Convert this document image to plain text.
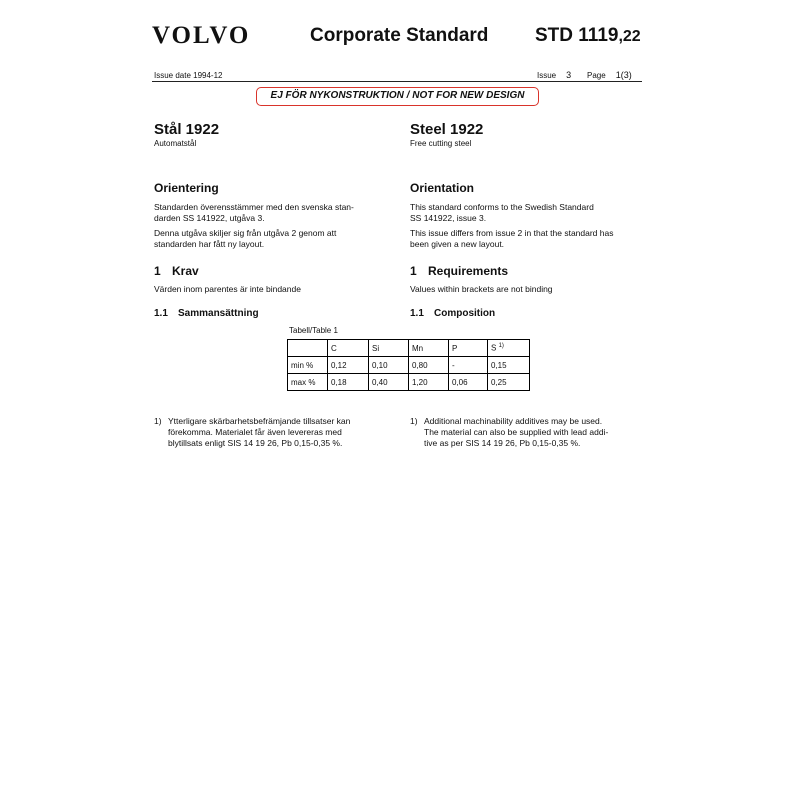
VOLVO	Corporate Standard STD 1119,22
Issue date 1994-12	Issue 3 Page 1(3)
EJ FÖR NYKONSTRUKTION / NOT FOR NEW DESIGN
Stål 1922
Automatstål
Steel 1922
Free cutting steel
Orientering	Orientation
Standarden överensstämmer med den svenska stan-
darden SS 141922, utgåva 3.
Denna utgåva skiljer sig från utgåva 2 genom att
standarden har fått ny layout.
This standard conforms to the Swedish Standard
SS 141922, issue 3.
This issue differs from issue 2 in that the standard has
been given a new layout.
1 Krav	1 Requirements
Värden inom parentes är inte bindande	Values within brackets are not binding
1.1 Sammansättning	1.1 Composition
Tabell/Table 1
	C	Si	Mn	P	S $^{1)}$
min %	0,12	0,10	0,80	-	0,15
max %	0,18	0,40	1,20	0,06	0,25
1) Ytterligare skärbarhetsbefrämjande tillsatser kan
förekomma. Materialet får även levereras med
blytillsats enligt SIS 14 19 26, Pb 0,15-0,35 %.
1) Additional machinability additives may be used.
The material can also be supplied with lead addi-
tive as per SIS 14 19 26, Pb 0,15-0,35 %.
